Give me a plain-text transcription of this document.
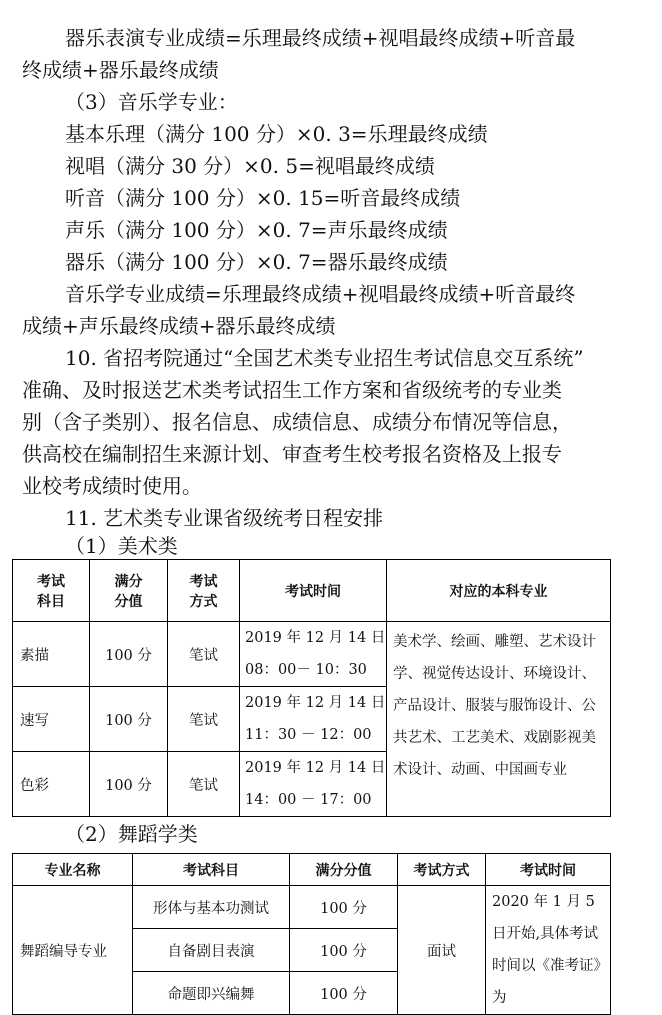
器乐表演专业成绩=乐理最终成绩+视唱最终成绩+听音最
终成绩+器乐最终成绩
（3）音乐学专业：
基本乐理（满分 100 分）×0. 3=乐理最终成绩
视唱（满分 30 分）×0. 5=视唱最终成绩
听音（满分 100 分）×0. 15=听音最终成绩
声乐（满分 100 分）×0. 7=声乐最终成绩
器乐（满分 100 分）×0. 7=器乐最终成绩
音乐学专业成绩=乐理最终成绩+视唱最终成绩+听音最终
成绩+声乐最终成绩+器乐最终成绩
10. 省招考院通过“全国艺术类专业招生考试信息交互系统”
准确、及时报送艺术类考试招生工作方案和省级统考的专业类
别（含子类别）、报名信息、成绩信息、成绩分布情况等信息，
供高校在编制招生来源计划、审查考生校考报名资格及上报专
业校考成绩时使用。
11. 艺术类专业课省级统考日程安排
（1）美术类
考试
科目	满分
分值	考试
方式	考试时间	对应的本科专业
素描	100 分	笔试	2019 年 12 月 14 日
08：00－ 10：30	美术学、绘画、雕塑、艺术设计学、视觉传达设计、环境设计、产品设计、服装与服饰设计、公共艺术、工艺美术、戏剧影视美术设计、动画、中国画专业
速写	100 分	笔试	2019 年 12 月 14 日
11：30 － 12：00	
色彩	100 分	笔试	2019 年 12 月 14 日
14：00 － 17：00	
（2）舞蹈学类
专业名称	考试科目	满分分值	考试方式	考试时间
舞蹈编导专业	形体与基本功测试	100 分	面试	2020 年 1 月 5 日开始,具体考试时间以《准考证》为
	自备剧目表演	100 分		
	命题即兴编舞	100 分		
